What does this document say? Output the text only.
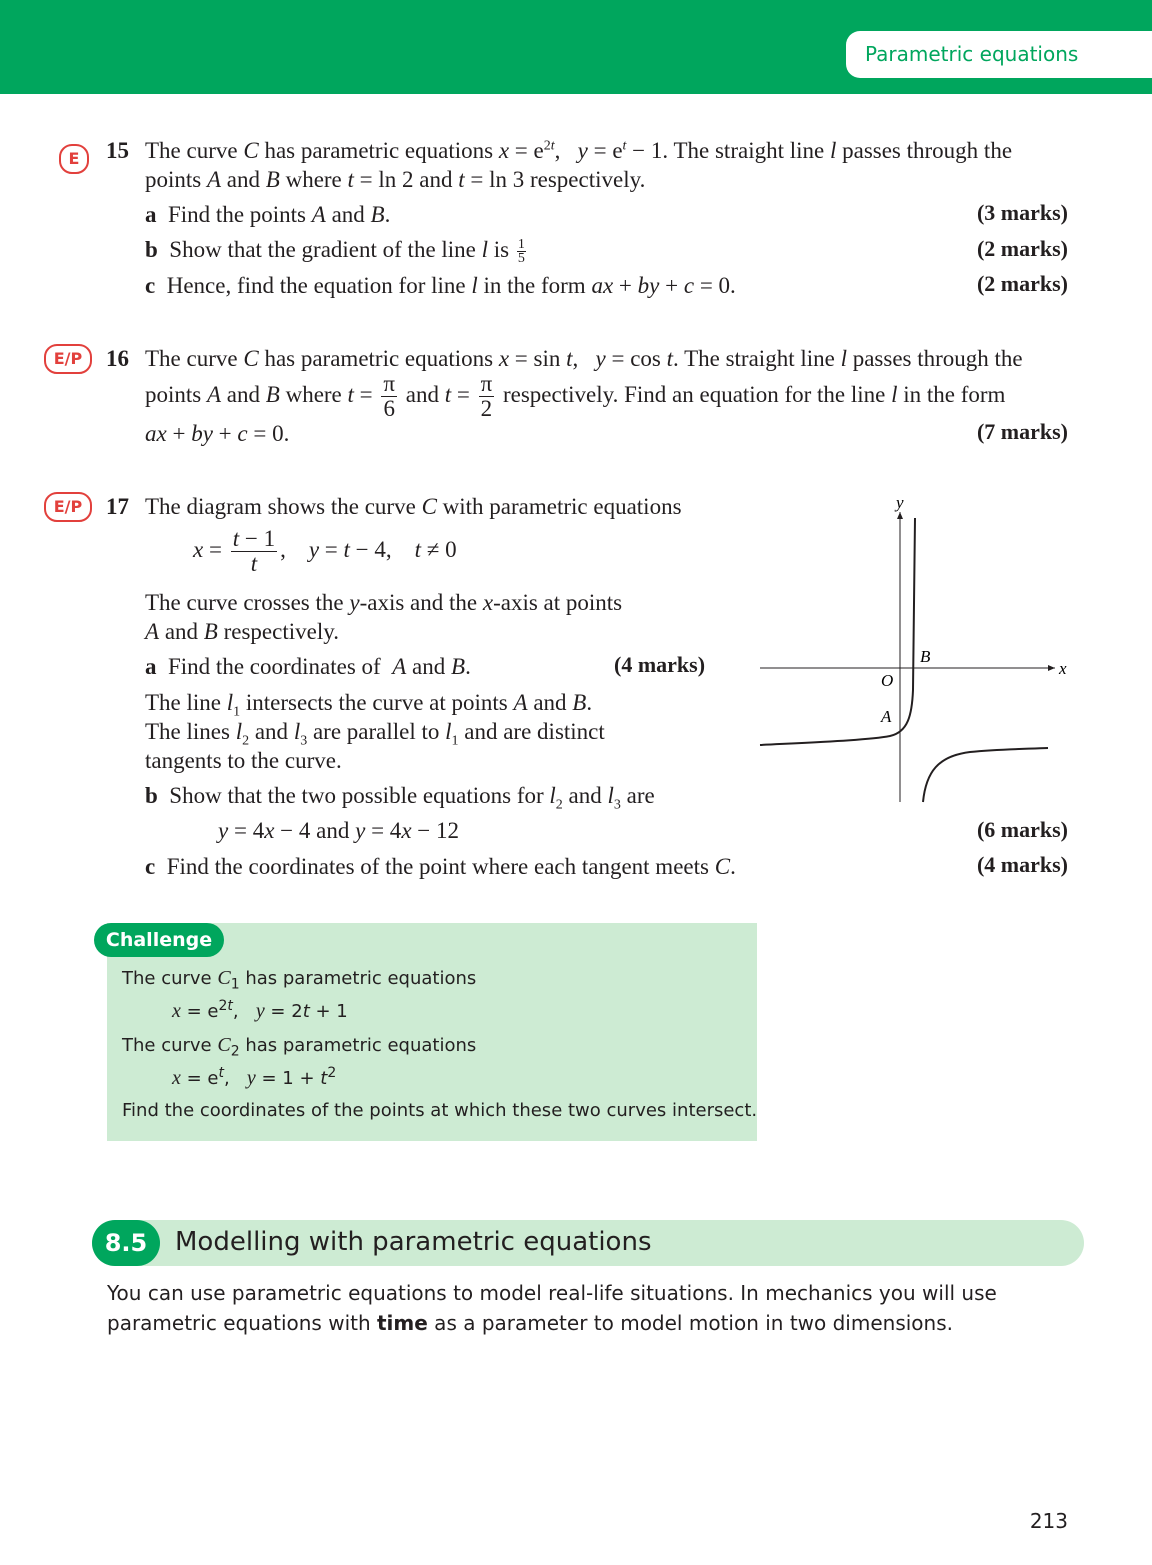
Parametric equations
E	15 The curve C has parametric equations $x = e^{2t}$,   $y = e^t - 1$. The straight line l passes through the
points A and B where t = ln 2 and t = ln 3 respectively.
a  Find the points A and B.	(3 marks)
b  Show that the gradient of the line l is $\frac{1}{5}$	(2 marks)
c  Hence, find the equation for line l in the form ax + by + c = 0.	(2 marks)
E/P	16 The curve C has parametric equations x = sin t,   y = cos t. The straight line l passes through the
points A and B where $t = \frac{\pi}{6}$ and $t = \frac{\pi}{2}$ respectively. Find an equation for the line l in the form
ax + by + c = 0.	(7 marks)
E/P	17 The diagram shows the curve C with parametric equations
$x = \frac{t - 1}{t}$ ,    y = t − 4,    t ≠ 0
The curve crosses the y-axis and the x-axis at points
A and B respectively.
a  Find the coordinates of  A and B.	(4 marks)
The line $l_1$ intersects the curve at points A and B.
The lines $l_2$ and $l_3$ are parallel to $l_1$ and are distinct
tangents to the curve.
b  Show that the two possible equations for $l_2$ and $l_3$ are
y = 4x − 4 and y = 4x − 12	(6 marks)
c  Find the coordinates of the point where each tangent meets C.	(4 marks)
y
x
O
A
B
Challenge
The curve $C_1$ has parametric equations
$x = e^{2t}$,   y = 2t + 1
The curve $C_2$ has parametric equations
$x = e^t$,   $y = 1 + t^2$
Find the coordinates of the points at which these two curves intersect.
8.5	Modelling with parametric equations
You can use parametric equations to model real-life situations. In mechanics you will use parametric equations with time as a parameter to model motion in two dimensions.
213
